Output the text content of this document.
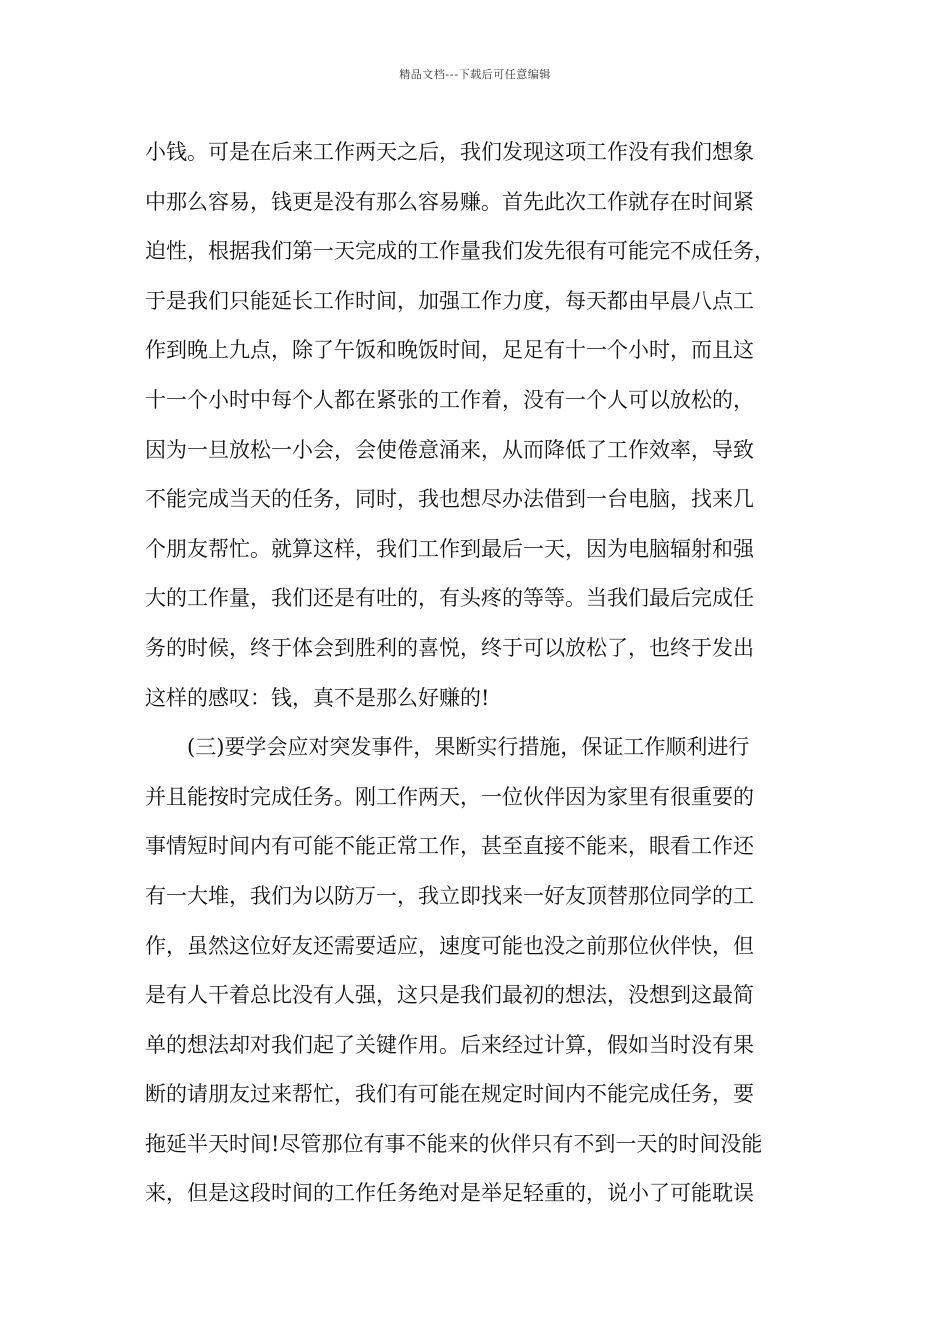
精品文档---下载后可任意编辑
小钱。可是在后来工作两天之后，我们发现这项工作没有我们想象
中那么容易，钱更是没有那么容易赚。首先此次工作就存在时间紧
迫性，根据我们第一天完成的工作量我们发先很有可能完不成任务，
于是我们只能延长工作时间，加强工作力度，每天都由早晨八点工
作到晚上九点，除了午饭和晚饭时间，足足有十一个小时，而且这
十一个小时中每个人都在紧张的工作着，没有一个人可以放松的，
因为一旦放松一小会，会使倦意涌来，从而降低了工作效率，导致
不能完成当天的任务，同时，我也想尽办法借到一台电脑，找来几
个朋友帮忙。就算这样，我们工作到最后一天，因为电脑辐射和强
大的工作量，我们还是有吐的，有头疼的等等。当我们最后完成任
务的时候，终于体会到胜利的喜悦，终于可以放松了，也终于发出
这样的感叹：钱，真不是那么好赚的!
　　(三)要学会应对突发事件，果断实行措施，保证工作顺利进行
并且能按时完成任务。刚工作两天，一位伙伴因为家里有很重要的
事情短时间内有可能不能正常工作，甚至直接不能来，眼看工作还
有一大堆，我们为以防万一，我立即找来一好友顶替那位同学的工
作，虽然这位好友还需要适应，速度可能也没之前那位伙伴快，但
是有人干着总比没有人强，这只是我们最初的想法，没想到这最简
单的想法却对我们起了关键作用。后来经过计算，假如当时没有果
断的请朋友过来帮忙，我们有可能在规定时间内不能完成任务，要
拖延半天时间!尽管那位有事不能来的伙伴只有不到一天的时间没能
来，但是这段时间的工作任务绝对是举足轻重的，说小了可能耽误
